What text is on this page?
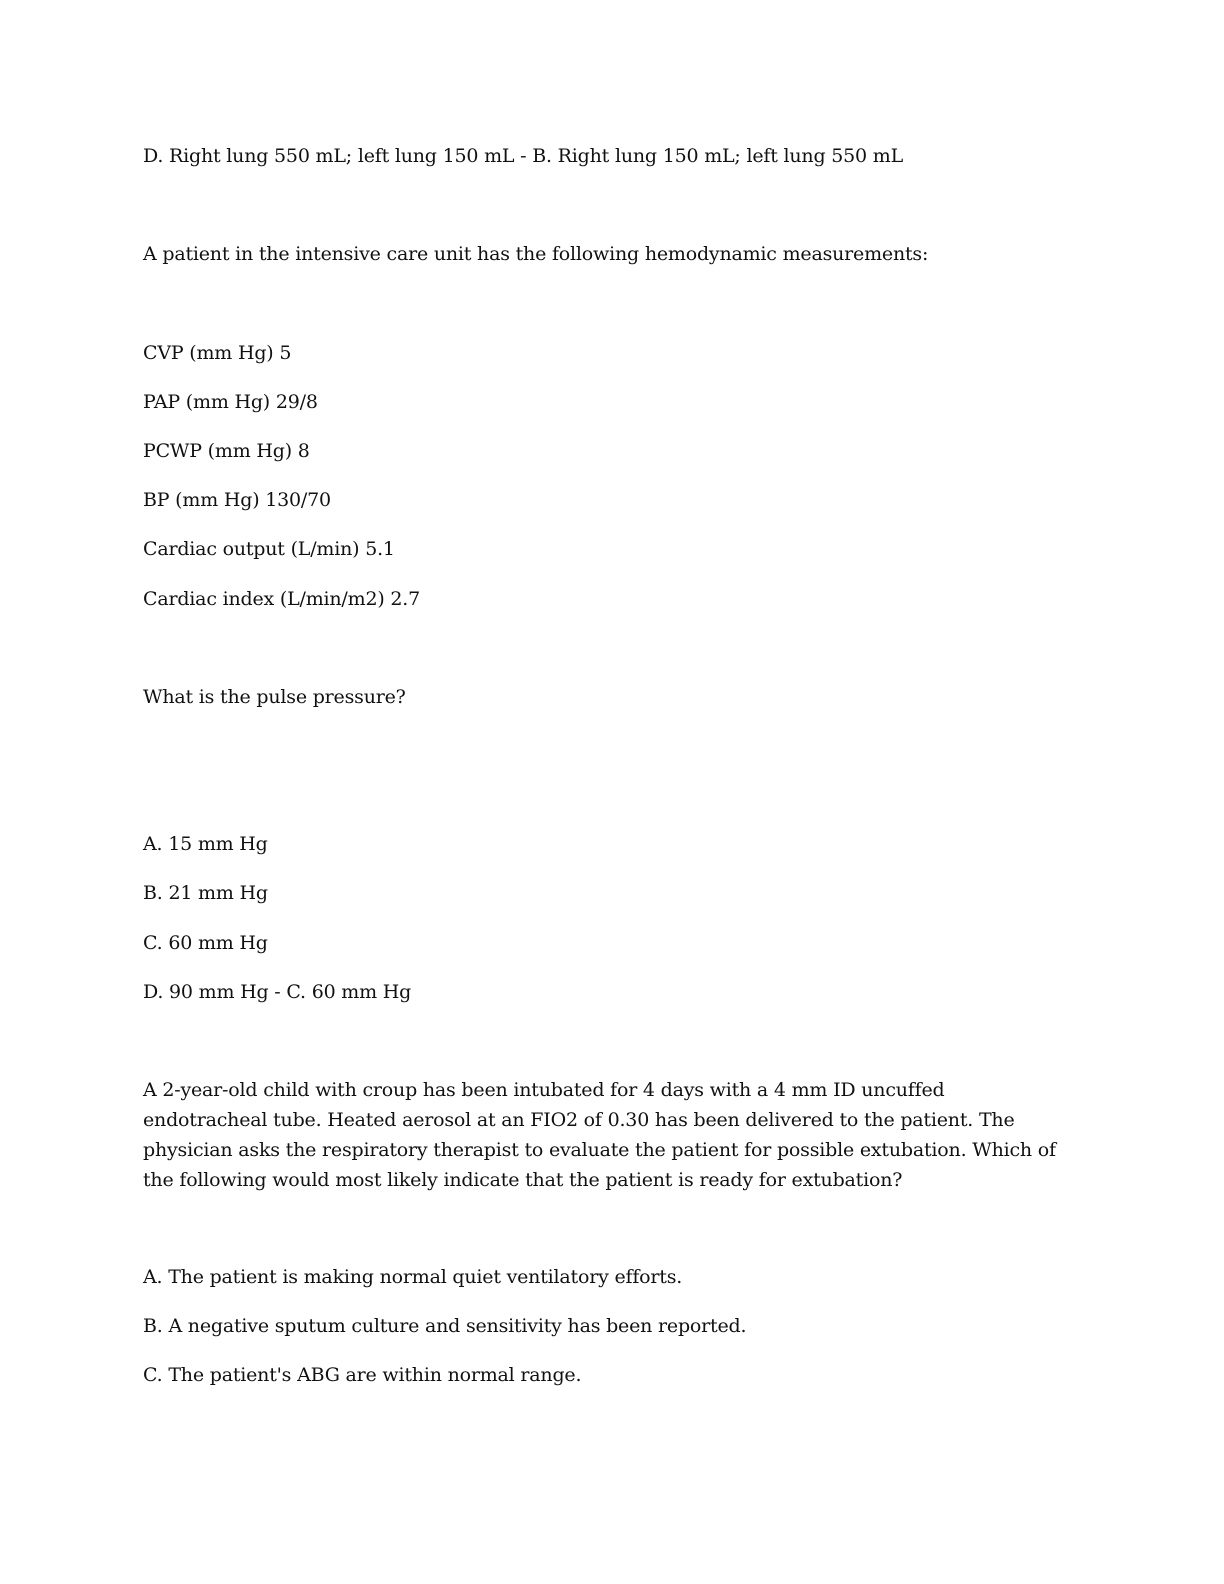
D. Right lung 550 mL; left lung 150 mL - B. Right lung 150 mL; left lung 550 mL

A patient in the intensive care unit has the following hemodynamic measurements:

CVP (mm Hg) 5

PAP (mm Hg) 29/8

PCWP (mm Hg) 8

BP (mm Hg) 130/70

Cardiac output (L/min) 5.1

Cardiac index (L/min/m2) 2.7

What is the pulse pressure?

A. 15 mm Hg

B. 21 mm Hg

C. 60 mm Hg

D. 90 mm Hg - C. 60 mm Hg

A 2-year-old child with croup has been intubated for 4 days with a 4 mm ID uncuffed endotracheal tube. Heated aerosol at an FIO2 of 0.30 has been delivered to the patient. The physician asks the respiratory therapist to evaluate the patient for possible extubation. Which of the following would most likely indicate that the patient is ready for extubation?

A. The patient is making normal quiet ventilatory efforts.

B. A negative sputum culture and sensitivity has been reported.

C. The patient's ABG are within normal range.
